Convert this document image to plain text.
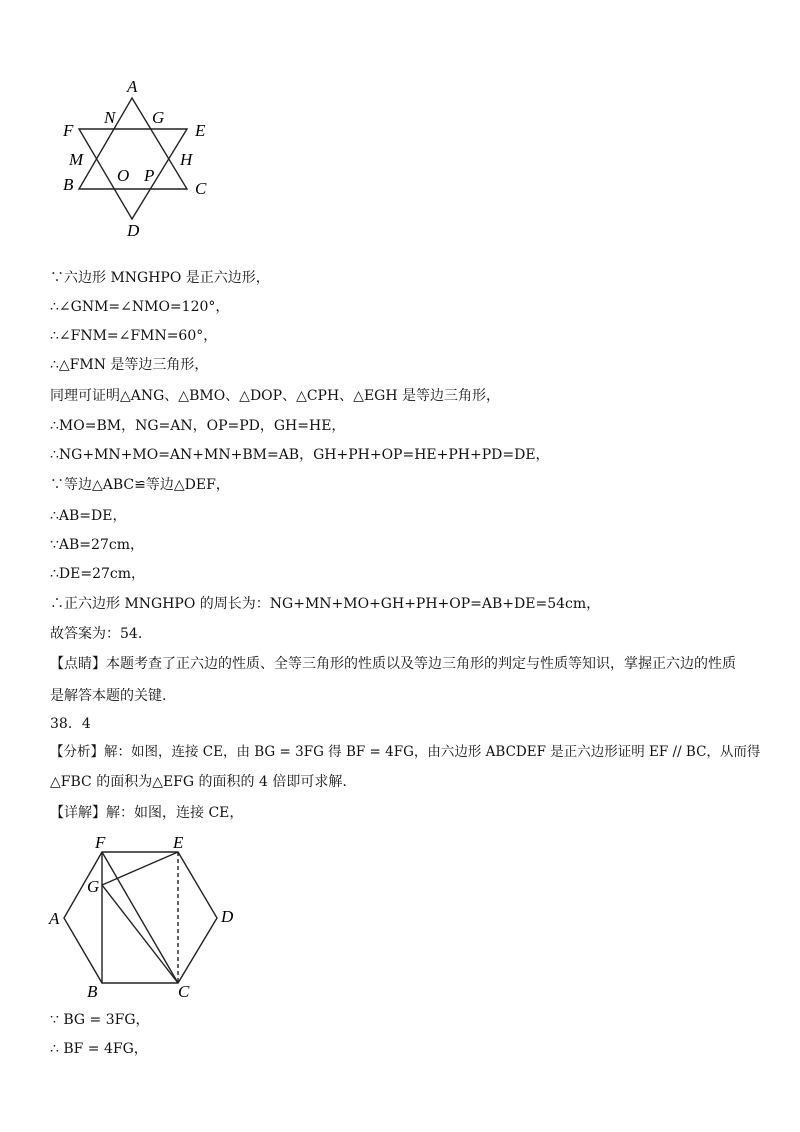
A
N G
F	E
M	H
B	O P
C
D
∵六边形 MNGHPO 是正六边形，
∴∠GNM=∠NMO=120°，
∴∠FNM=∠FMN=60°，
∴△FMN 是等边三角形，
同理可证明△ANG、△BMO、△DOP、△CPH、△EGH 是等边三角形，
∴MO=BM，NG=AN，OP=PD，GH=HE，
∴NG+MN+MO=AN+MN+BM=AB，GH+PH+OP=HE+PH+PD=DE，
∵等边△ABC≌等边△DEF，
∴AB=DE，
∵AB=27cm，
∴DE=27cm，
∴正六边形 MNGHPO 的周长为：NG+MN+MO+GH+PH+OP=AB+DE=54cm，
故答案为：54.
【点睛】本题考查了正六边的性质、全等三角形的性质以及等边三角形的判定与性质等知识，掌握正六边的性质
是解答本题的关键.
38．4
【分析】解：如图，连接 CE，由 BG = 3FG 得 BF = 4FG，由六边形 ABCDEF 是正六边形证明 EF // BC，从而得
△FBC 的面积为△EFG 的面积的 4 倍即可求解.
【详解】解：如图，连接 CE，
F	E
G
A	D
B	C
∵ BG = 3FG，
∴ BF = 4FG，
